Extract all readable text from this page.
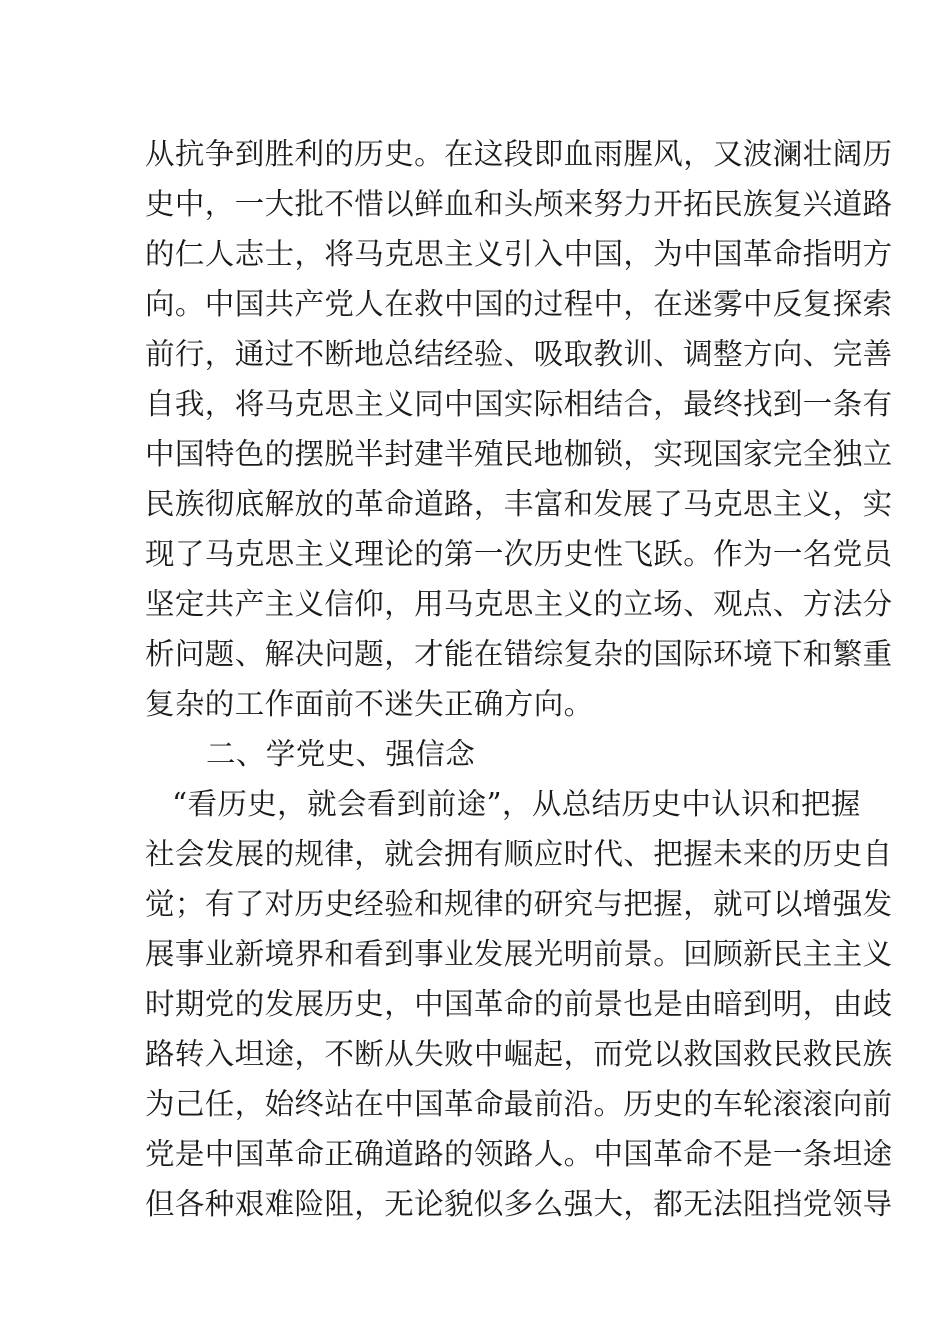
从抗争到胜利的历史。在这段即血雨腥风，又波澜壮阔历
史中，一大批不惜以鲜血和头颅来努力开拓民族复兴道路
的仁人志士，将马克思主义引入中国，为中国革命指明方
向。中国共产党人在救中国的过程中，在迷雾中反复探索
前行，通过不断地总结经验、吸取教训、调整方向、完善
自我，将马克思主义同中国实际相结合，最终找到一条有
中国特色的摆脱半封建半殖民地枷锁，实现国家完全独立
民族彻底解放的革命道路，丰富和发展了马克思主义，实
现了马克思主义理论的第一次历史性飞跃。作为一名党员
坚定共产主义信仰，用马克思主义的立场、观点、方法分
析问题、解决问题，才能在错综复杂的国际环境下和繁重
复杂的工作面前不迷失正确方向。
二、学党史、强信念
“看历史，就会看到前途”，从总结历史中认识和把握
社会发展的规律，就会拥有顺应时代、把握未来的历史自
觉；有了对历史经验和规律的研究与把握，就可以增强发
展事业新境界和看到事业发展光明前景。回顾新民主主义
时期党的发展历史，中国革命的前景也是由暗到明，由歧
路转入坦途，不断从失败中崛起，而党以救国救民救民族
为己任，始终站在中国革命最前沿。历史的车轮滚滚向前
党是中国革命正确道路的领路人。中国革命不是一条坦途
但各种艰难险阻，无论貌似多么强大，都无法阻挡党领导
